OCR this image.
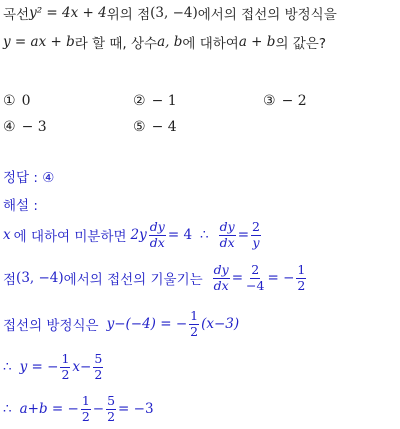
곡선 y² = 4x + 4 위의 점 (3, −4) 에서의 접선의 방정식을
y = ax + b 라 할 때, 상수 a, b 에 대하여 a + b 의 값은?
① 0	② − 1	③ − 2
④ − 3	⑤ − 4
정답 : ④
해설 :
x 에 대하여 미분하면 $2y \frac{dy}{dx} = 4$ ∴ $\frac{dy}{dx} = \frac{2}{y}$
점 (3, −4) 에서의 접선의 기울기는 $\frac{dy}{dx} = \frac{2}{-4}$ = − $\frac{1}{2}$
접선의 방정식은 y−(−4) = − $\frac{1}{2} (x-3)$
∴ y = − $\frac{1}{2} x- \frac{5}{2}$
∴ a+b = − $\frac{1}{2} - \frac{5}{2} = -3$
